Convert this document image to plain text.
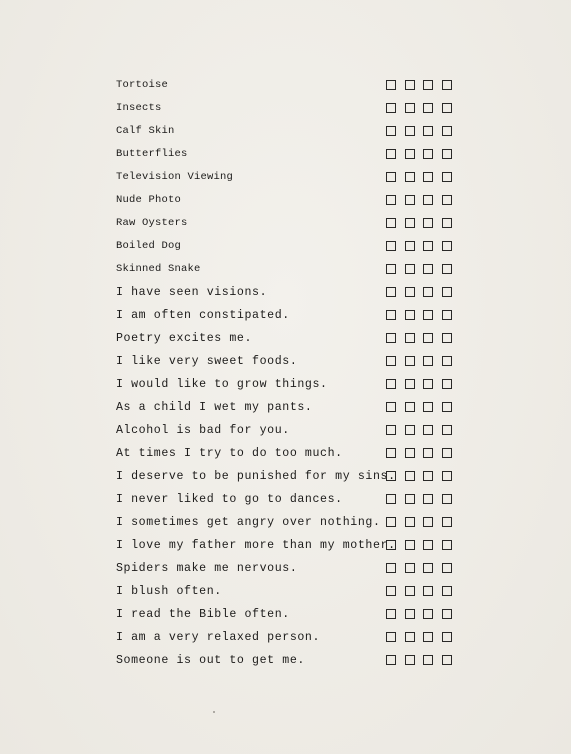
Tortoise
Insects
Calf Skin
Butterflies
Television Viewing
Nude Photo
Raw Oysters
Boiled Dog
Skinned Snake
I have seen visions.
I am often constipated.
Poetry excites me.
I like very sweet foods.
I would like to grow things.
As a child I wet my pants.
Alcohol is bad for you.
At times I try to do too much.
I deserve to be punished for my sins.
I never liked to go to dances.
I sometimes get angry over nothing.
I love my father more than my mother.
Spiders make me nervous.
I blush often.
I read the Bible often.
I am a very relaxed person.
Someone is out to get me.
